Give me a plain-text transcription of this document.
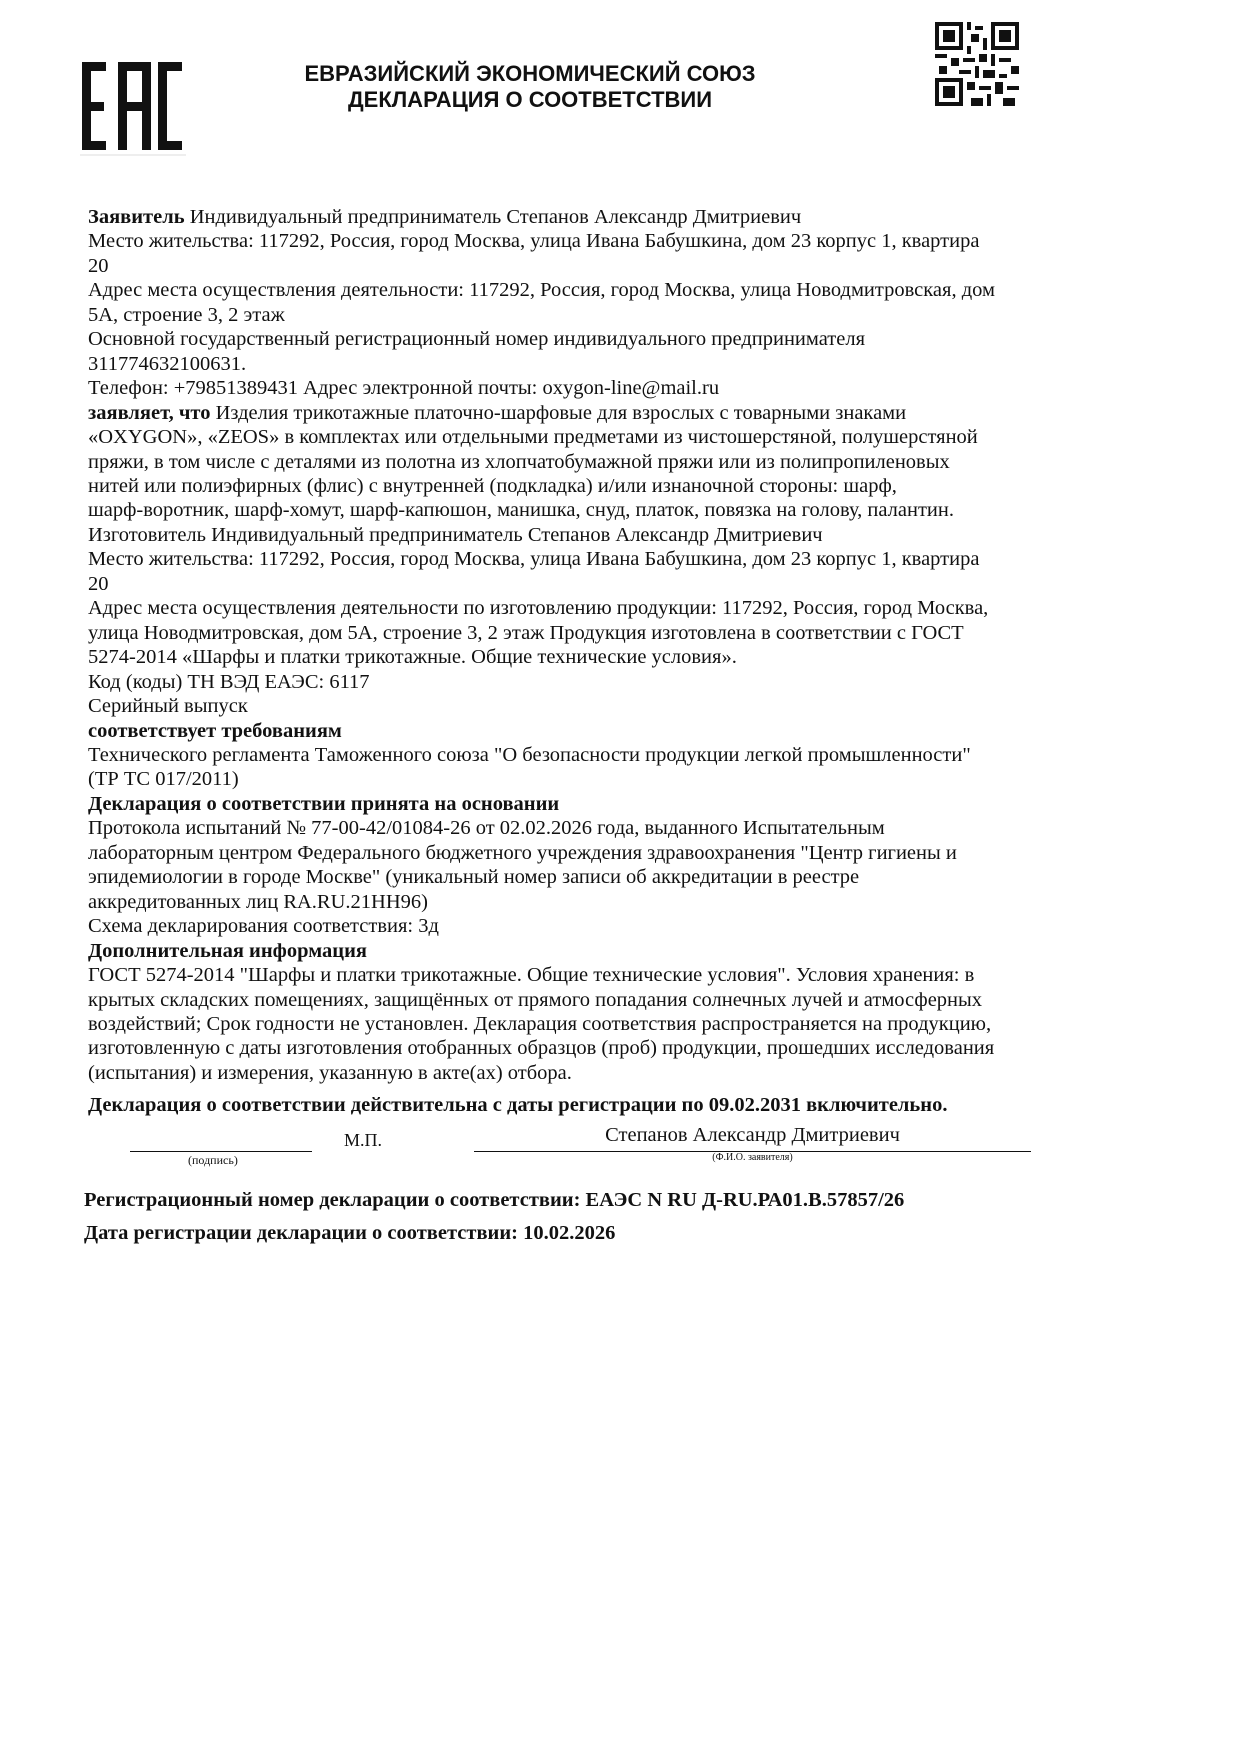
ЕВРАЗИЙСКИЙ ЭКОНОМИЧЕСКИЙ СОЮЗ
ДЕКЛАРАЦИЯ О СООТВЕТСТВИИ
Заявитель Индивидуальный предприниматель Степанов Александр Дмитриевич
Место жительства: 117292, Россия, город Москва, улица Ивана Бабушкина, дом 23 корпус 1, квартира
20
Адрес места осуществления деятельности: 117292, Россия, город Москва, улица Новодмитровская, дом
5А, строение 3, 2 этаж
Основной государственный регистрационный номер индивидуального предпринимателя
311774632100631.
Телефон: +79851389431 Адрес электронной почты: oxygon-line@mail.ru
заявляет, что Изделия трикотажные платочно-шарфовые для взрослых с товарными знаками
«OXYGON», «ZEOS» в комплектах или отдельными предметами из чистошерстяной, полушерстяной
пряжи, в том числе с деталями из полотна из хлопчатобумажной пряжи или из полипропиленовых
нитей или полиэфирных (флис) с внутренней (подкладка) и/или изнаночной стороны: шарф,
шарф-воротник, шарф-хомут, шарф-капюшон, манишка, снуд, платок, повязка на голову, палантин.
Изготовитель Индивидуальный предприниматель Степанов Александр Дмитриевич
Место жительства: 117292, Россия, город Москва, улица Ивана Бабушкина, дом 23 корпус 1, квартира
20
Адрес места осуществления деятельности по изготовлению продукции: 117292, Россия, город Москва,
улица Новодмитровская, дом 5А, строение 3, 2 этаж Продукция изготовлена в соответствии с ГОСТ
5274-2014 «Шарфы и платки трикотажные. Общие технические условия».
Код (коды) ТН ВЭД ЕАЭС: 6117
Серийный выпуск
соответствует требованиям
Технического регламента Таможенного союза "О безопасности продукции легкой промышленности"
(ТР ТС 017/2011)
Декларация о соответствии принята на основании
Протокола испытаний № 77-00-42/01084-26 от 02.02.2026 года, выданного Испытательным
лабораторным центром Федерального бюджетного учреждения здравоохранения "Центр гигиены и
эпидемиологии в городе Москве" (уникальный номер записи об аккредитации в реестре
аккредитованных лиц RA.RU.21НН96)
Схема декларирования соответствия: 3д
Дополнительная информация
ГОСТ 5274-2014 "Шарфы и платки трикотажные. Общие технические условия". Условия хранения: в
крытых складских помещениях, защищённых от прямого попадания солнечных лучей и атмосферных
воздействий; Срок годности не установлен. Декларация соответствия распространяется на продукцию,
изготовленную с даты изготовления отобранных образцов (проб) продукции, прошедших исследования
(испытания) и измерения, указанную в акте(ах) отбора.
Декларация о соответствии действительна с даты регистрации по 09.02.2031 включительно.
(подпись)
М.П.	Степанов Александр Дмитриевич
(Ф.И.О. заявителя)
Регистрационный номер декларации о соответствии: ЕАЭС N RU Д-RU.РА01.В.57857/26
Дата регистрации декларации о соответствии: 10.02.2026
